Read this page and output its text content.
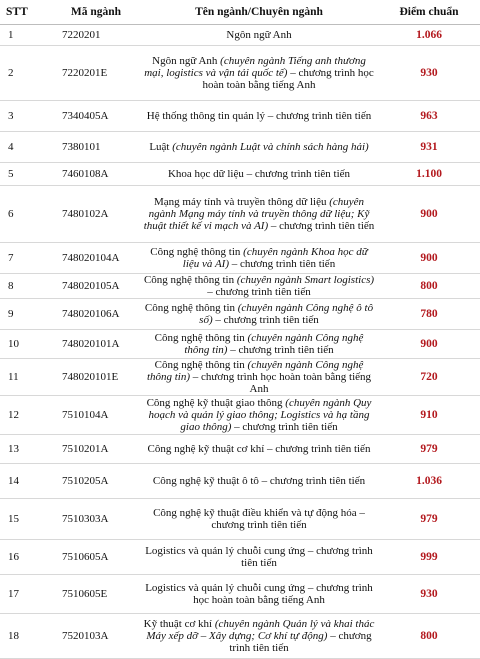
STT	Mã ngành	Tên ngành/Chuyên ngành	Điểm chuẩn
1	7220201	Ngôn ngữ Anh	1.066
2	7220201E	Ngôn ngữ Anh (chuyên ngành Tiếng anh thương mại, logistics và vận tải quốc tế) – chương trình học hoàn toàn bằng tiếng Anh	930
3	7340405A	Hệ thống thông tin quản lý – chương trình tiên tiến	963
4	7380101	Luật (chuyên ngành Luật và chính sách hàng hải)	931
5	7460108A	Khoa học dữ liệu – chương trình tiên tiến	1.100
6	7480102A	Mạng máy tính và truyền thông dữ liệu (chuyên ngành Mạng máy tính và truyền thông dữ liệu; Kỹ thuật thiết kế vi mạch và AI) – chương trình tiên tiến	900
7	748020104A	Công nghệ thông tin (chuyên ngành Khoa học dữ liệu và AI) – chương trình tiên tiến	900
8	748020105A	Công nghệ thông tin (chuyên ngành Smart logistics) – chương trình tiên tiến	800
9	748020106A	Công nghệ thông tin (chuyên ngành Công nghệ ô tô số) – chương trình tiên tiến	780
10	748020101A	Công nghệ thông tin (chuyên ngành Công nghệ thông tin) – chương trình tiên tiến	900
11	748020101E	Công nghệ thông tin (chuyên ngành Công nghệ thông tin) – chương trình học hoàn toàn bằng tiếng Anh	720
12	7510104A	Công nghệ kỹ thuật giao thông (chuyên ngành Quy hoạch và quản lý giao thông; Logistics và hạ tầng giao thông) – chương trình tiên tiến	910
13	7510201A	Công nghệ kỹ thuật cơ khí – chương trình tiên tiến	979
14	7510205A	Công nghệ kỹ thuật ô tô – chương trình tiên tiến	1.036
15	7510303A	Công nghệ kỹ thuật điều khiển và tự động hóa – chương trình tiên tiến	979
16	7510605A	Logistics và quản lý chuỗi cung ứng – chương trình tiên tiến	999
17	7510605E	Logistics và quản lý chuỗi cung ứng – chương trình học hoàn toàn bằng tiếng Anh	930
18	7520103A	Kỹ thuật cơ khí (chuyên ngành Quản lý và khai thác Máy xếp dỡ – Xây dựng; Cơ khí tự động) – chương trình tiên tiến	800
